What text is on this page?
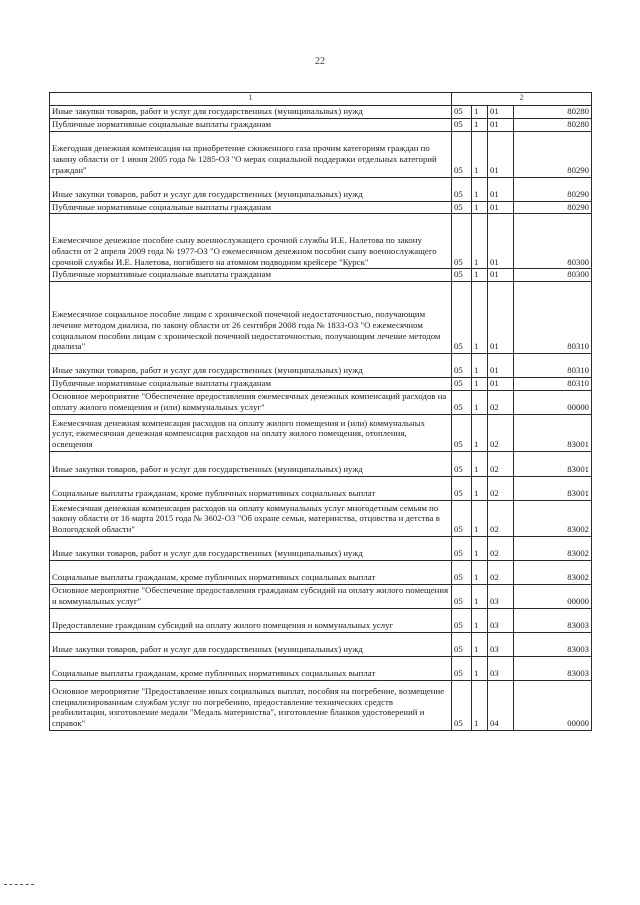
22
1	2			
Иные закупки товаров, работ и услуг для государственных (муниципальных) нужд	05	1	01	80280
Публичные нормативные социальные выплаты гражданам	05	1	01	80280
Ежегодная денежная компенсация на приобретение сжиженного газа прочим категориям граждан по закону области от 1 июня 2005 года № 1285-ОЗ "О мерах социальной поддержки отдельных категорий граждан"	05	1	01	80290
Иные закупки товаров, работ и услуг для государственных (муниципальных) нужд	05	1	01	80290
Публичные нормативные социальные выплаты гражданам	05	1	01	80290
Ежемесячное денежное пособие сыну военнослужащего срочной службы И.Е. Налетова по закону области от 2 апреля 2009 года № 1977-ОЗ "О ежемесячном денежном пособии сыну военнослужащего срочной службы И.Е. Налетова, погибшего на атомном подводном крейсере "Курск"	05	1	01	80300
Публичные нормативные социальные выплаты гражданам	05	1	01	80300
Ежемесячное социальное пособие лицам с хронической почечной недостаточностью, получающим лечение методом диализа, по закону области от 26 сентября 2008 года № 1833-ОЗ "О ежемесячном социальном пособии лицам с хронической почечной недостаточностью, получающим лечение методом диализа"	05	1	01	80310
Иные закупки товаров, работ и услуг для государственных (муниципальных) нужд	05	1	01	80310
Публичные нормативные социальные выплаты гражданам	05	1	01	80310
Основное мероприятие "Обеспечение предоставления ежемесячных денежных компенсаций расходов на оплату жилого помещения и (или) коммунальных услуг"	05	1	02	00000
Ежемесячная денежная компенсация расходов на оплату жилого помещения и (или) коммунальных услуг, ежемесячная денежная компенсация расходов на оплату жилого помещения, отопления, освещения	05	1	02	83001
Иные закупки товаров, работ и услуг для государственных (муниципальных) нужд	05	1	02	83001
Социальные выплаты гражданам, кроме публичных нормативных социальных выплат	05	1	02	83001
Ежемесячная денежная компенсация расходов на оплату коммунальных услуг многодетным семьям по закону области от 16 марта 2015 года № 3602-ОЗ "Об охране семьи, материнства, отцовства и детства в Вологодской области"	05	1	02	83002
Иные закупки товаров, работ и услуг для государственных (муниципальных) нужд	05	1	02	83002
Социальные выплаты гражданам, кроме публичных нормативных социальных выплат	05	1	02	83002
Основное мероприятие "Обеспечение предоставления гражданам субсидий на оплату жилого помещения и коммунальных услуг"	05	1	03	00000
Предоставление гражданам субсидий на оплату жилого помещения и коммунальных услуг	05	1	03	83003
Иные закупки товаров, работ и услуг для государственных (муниципальных) нужд	05	1	03	83003
Социальные выплаты гражданам, кроме публичных нормативных социальных выплат	05	1	03	83003
Основное мероприятие "Предоставление иных социальных выплат, пособия на погребение, возмещение специализированным службам услуг по погребению, предоставление технических средств реабилитации, изготовление медали "Медаль материнства", изготовление бланков удостоверений и справок"	05	1	04	00000
